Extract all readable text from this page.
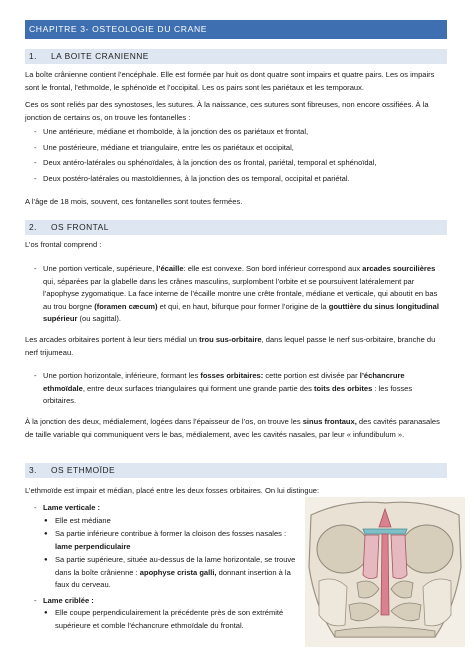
CHAPITRE 3- OSTEOLOGIE DU CRANE
1. LA BOITE CRANIENNE

La boîte crânienne contient l’encéphale. Elle est formée par huit os dont quatre sont impairs et quatre pairs. Les os impairs sont le frontal, l’ethmoïde, le sphénoïde et l’occipital. Les os pairs sont les pariétaux et les temporaux.

Ces os sont reliés par des synostoses, les sutures. À la naissance, ces sutures sont fibreuses, non encore ossifiées. À la jonction de certains os, on trouve les fontanelles :

- Une antérieure, médiane et rhomboïde, à la jonction des os pariétaux et frontal,
- Une postérieure, médiane et triangulaire, entre les os pariétaux et occipital,
- Deux antéro-latérales ou sphénoïdales, à la jonction des os frontal, pariétal, temporal et sphénoïdal,
- Deux postéro-latérales ou mastoïdiennes, à la jonction des os temporal, occipital et pariétal.

A l’âge de 18 mois, souvent, ces fontanelles sont toutes fermées.

2. OS FRONTAL

L’os frontal comprend :

- Une portion verticale, supérieure, l’écaille: elle est convexe. Son bord inférieur correspond aux arcades sourcilières qui, séparées par la glabelle dans les crânes masculins, surplombent l’orbite et se poursuivent latéralement par l’apophyse zygomatique. La face interne de l’écaille montre une crête frontale, médiane et verticale, qui aboutit en bas au trou borgne (foramen cæcum) et qui, en haut, bifurque pour former l’origine de la gouttière du sinus longitudinal supérieur (ou sagittal).

Les arcades orbitaires portent à leur tiers médial un trou sus-orbitaire, dans lequel passe le nerf sus-orbitaire, branche du nerf trijumeau.

- Une portion horizontale, inférieure, formant les fosses orbitaires: cette portion est divisée par l’échancrure ethmoïdale, entre deux surfaces triangulaires qui forment une grande partie des toits des orbites : les fosses orbitaires.

À la jonction des deux, médialement, logées dans l’épaisseur de l’os, on trouve les sinus frontaux, des cavités paranasales de taille variable qui communiquent vers le bas, médialement, avec les cavités nasales, par leur « infundibulum ».

3. OS ETHMOÏDE

L’ethmoïde est impair et médian, placé entre les deux fosses orbitaires. On lui distingue:

- Lame verticale :
● Elle est médiane
● Sa partie inférieure contribue à former la cloison des fosses nasales : lame perpendiculaire
● Sa partie supérieure, située au-dessus de la lame horizontale, se trouve dans la boîte crânienne : apophyse crista galli, donnant insertion à la faux du cerveau.
- Lame criblée :
● Elle coupe perpendiculairement la précédente près de son extrémité supérieure et comble l’échancrure ethmoïdale du frontal.
